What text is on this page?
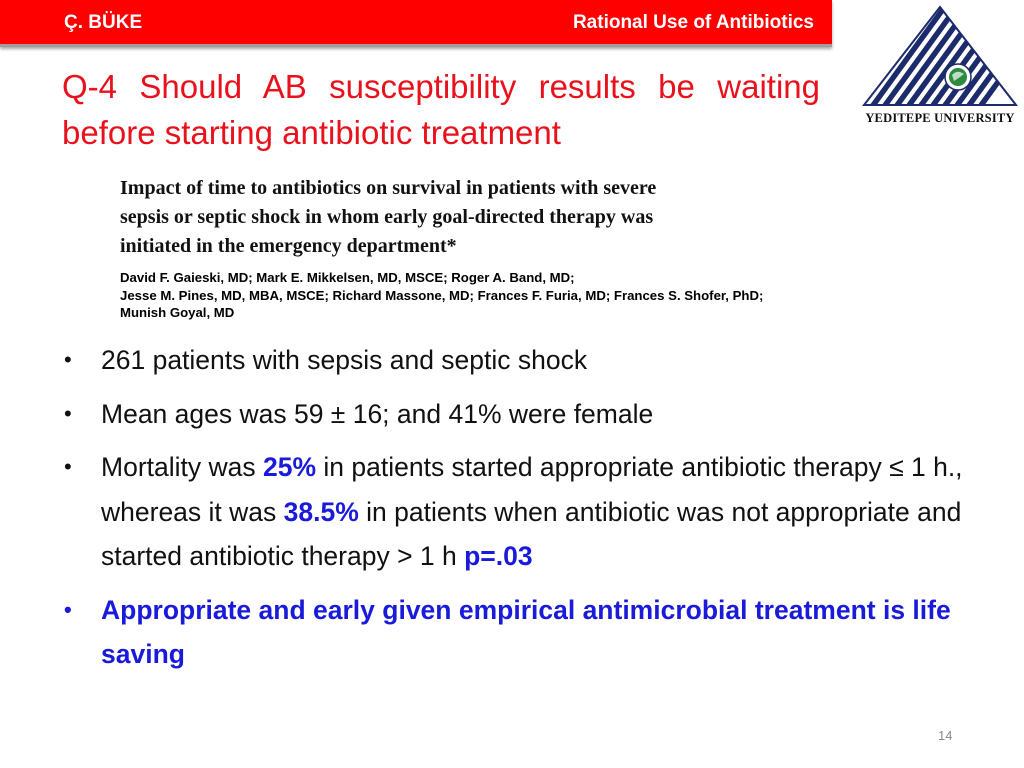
Ç. BÜKE	Rational Use of Antibiotics
YEDITEPE UNIVERSITY
Q-4 Should AB susceptibility results be waiting before starting antibiotic treatment
Impact of time to antibiotics on survival in patients with severe
sepsis or septic shock in whom early goal-directed therapy was
initiated in the emergency department*
David F. Gaieski, MD; Mark E. Mikkelsen, MD, MSCE; Roger A. Band, MD;
Jesse M. Pines, MD, MBA, MSCE; Richard Massone, MD; Frances F. Furia, MD; Frances S. Shofer, PhD;
Munish Goyal, MD
• 261 patients with sepsis and septic shock
• Mean ages was 59 ± 16; and 41% were female
• Mortality was 25% in patients started appropriate antibiotic therapy ≤ 1 h., whereas it was 38.5% in patients when antibiotic was not appropriate and started antibiotic therapy > 1 h p=.03
• Appropriate and early given empirical antimicrobial treatment is life saving
14
